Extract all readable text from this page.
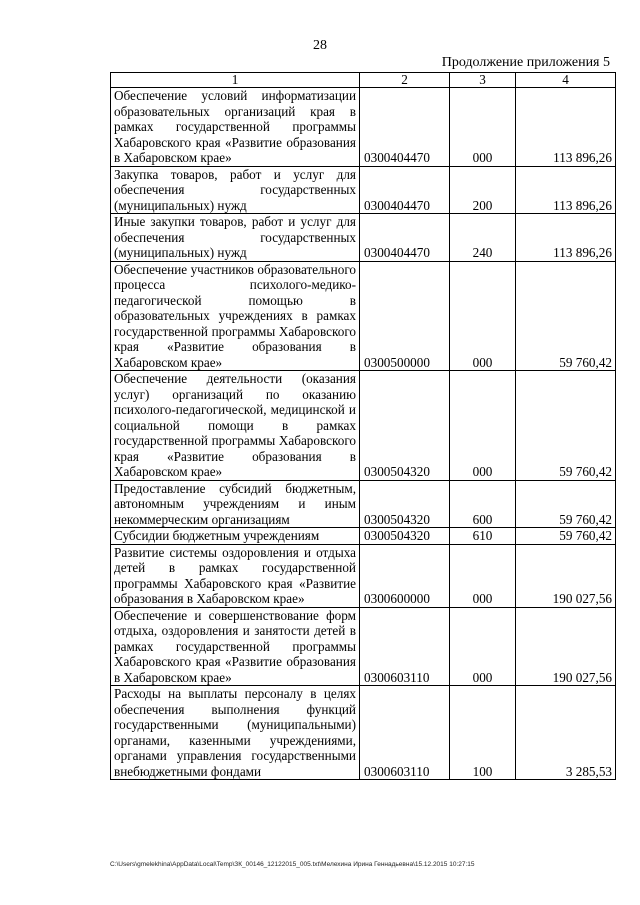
28
Продолжение приложения 5
1	2	3	4
Обеспечение условий информатизации образовательных организаций края в рамках государственной программы Хабаровского края «Развитие образования в Хабаровском крае»	0300404470	000	113 896,26
Закупка товаров, работ и услуг для обеспечения государственных (муниципальных) нужд	0300404470	200	113 896,26
Иные закупки товаров, работ и услуг для обеспечения государственных (муниципальных) нужд	0300404470	240	113 896,26
Обеспечение участников образовательного процесса психолого-медико-педагогической помощью в образовательных учреждениях в рамках государственной программы Хабаровского края «Развитие образования в Хабаровском крае»	0300500000	000	59 760,42
Обеспечение деятельности (оказания услуг) организаций по оказанию психолого-педагогической, медицинской и социальной помощи в рамках государственной программы Хабаровского края «Развитие образования в Хабаровском крае»	0300504320	000	59 760,42
Предоставление субсидий бюджетным, автономным учреждениям и иным некоммерческим организациям	0300504320	600	59 760,42
Субсидии бюджетным учреждениям	0300504320	610	59 760,42
Развитие системы оздоровления и отдыха детей в рамках государственной программы Хабаровского края «Развитие образования в Хабаровском крае»	0300600000	000	190 027,56
Обеспечение и совершенствование форм отдыха, оздоровления и занятости детей в рамках государственной программы Хабаровского края «Развитие образования в Хабаровском крае»	0300603110	000	190 027,56
Расходы на выплаты персоналу в целях обеспечения выполнения функций государственными (муниципальными) органами, казенными учреждениями, органами управления государственными внебюджетными фондами	0300603110	100	3 285,53
C:\Users\gmelekhina\AppData\Local\Temp\ЗК_00146_12122015_005.txt\Мелехина Ирина Геннадьевна\15.12.2015 10:27:15
